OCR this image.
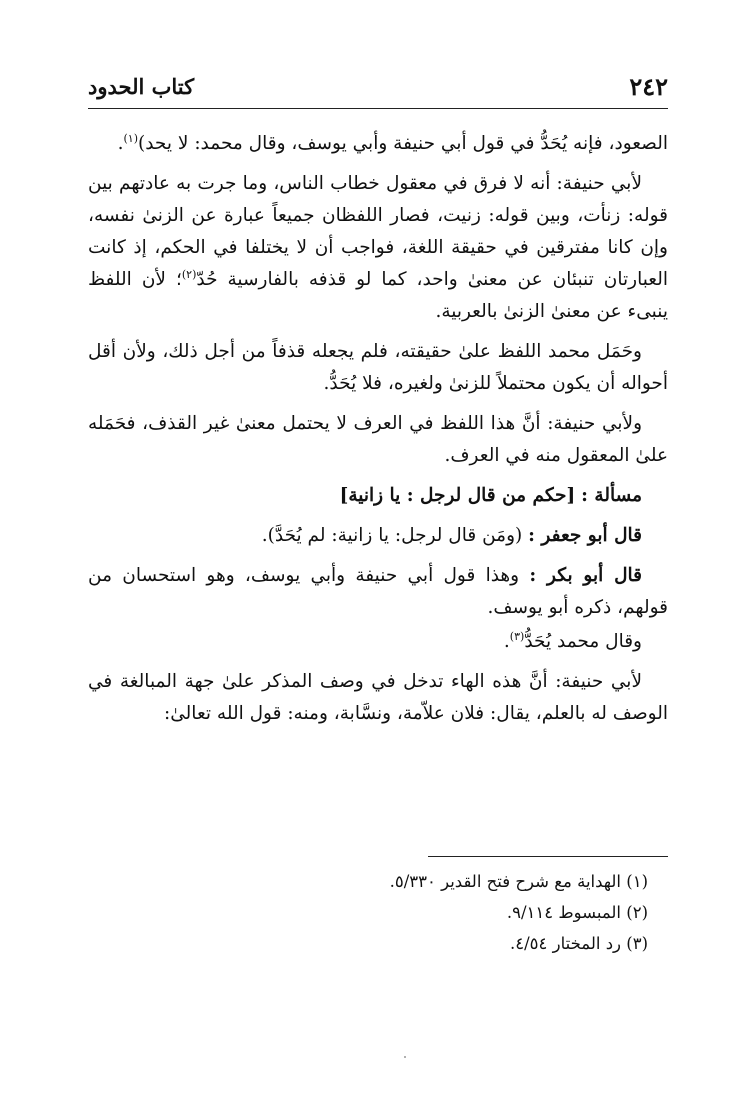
٢٤٢
كتاب الحدود

الصعود، فإنه يُحَدُّ في قول أبي حنيفة وأبي يوسف، وقال محمد: لا يحد)$^{(١)}$.

لأبي حنيفة: أنه لا فرق في معقول خطاب الناس، وما جرت به عادتهم بين قوله: زنأت، وبين قوله: زنيت، فصار اللفظان جميعاً عبارة عن الزنىٰ نفسه، وإن كانا مفترقين في حقيقة اللغة، فواجب أن لا يختلفا في الحكم، إذ كانت العبارتان تنبئان عن معنىٰ واحد، كما لو قذفه بالفارسية حُدّ$^{(٢)}$؛ لأن اللفظ ينبىء عن معنىٰ الزنىٰ بالعربية.

وحَمَل محمد اللفظ علىٰ حقيقته، فلم يجعله قذفاً من أجل ذلك، ولأن أقل أحواله أن يكون محتملاً للزنىٰ ولغيره، فلا يُحَدُّ.

ولأبي حنيفة: أنَّ هذا اللفظ في العرف لا يحتمل معنىٰ غير القذف، فحَمَله علىٰ المعقول منه في العرف.

مسألة : [حكم من قال لرجل : يا زانية]

قال أبو جعفر : (ومَن قال لرجل: يا زانية: لم يُحَدَّ).

قال أبو بكر : وهذا قول أبي حنيفة وأبي يوسف، وهو استحسان من قولهم، ذكره أبو يوسف.

وقال محمد يُحَدُّ$^{(٣)}$.

لأبي حنيفة: أنَّ هذه الهاء تدخل في وصف المذكر علىٰ جهة المبالغة في الوصف له بالعلم، يقال: فلان علاّمة، ونسَّابة، ومنه: قول الله تعالىٰ:

(١) الهداية مع شرح فتح القدير ٥/٣٣٠.
(٢) المبسوط ٩/١١٤.
(٣) رد المختار ٤/٥٤.
